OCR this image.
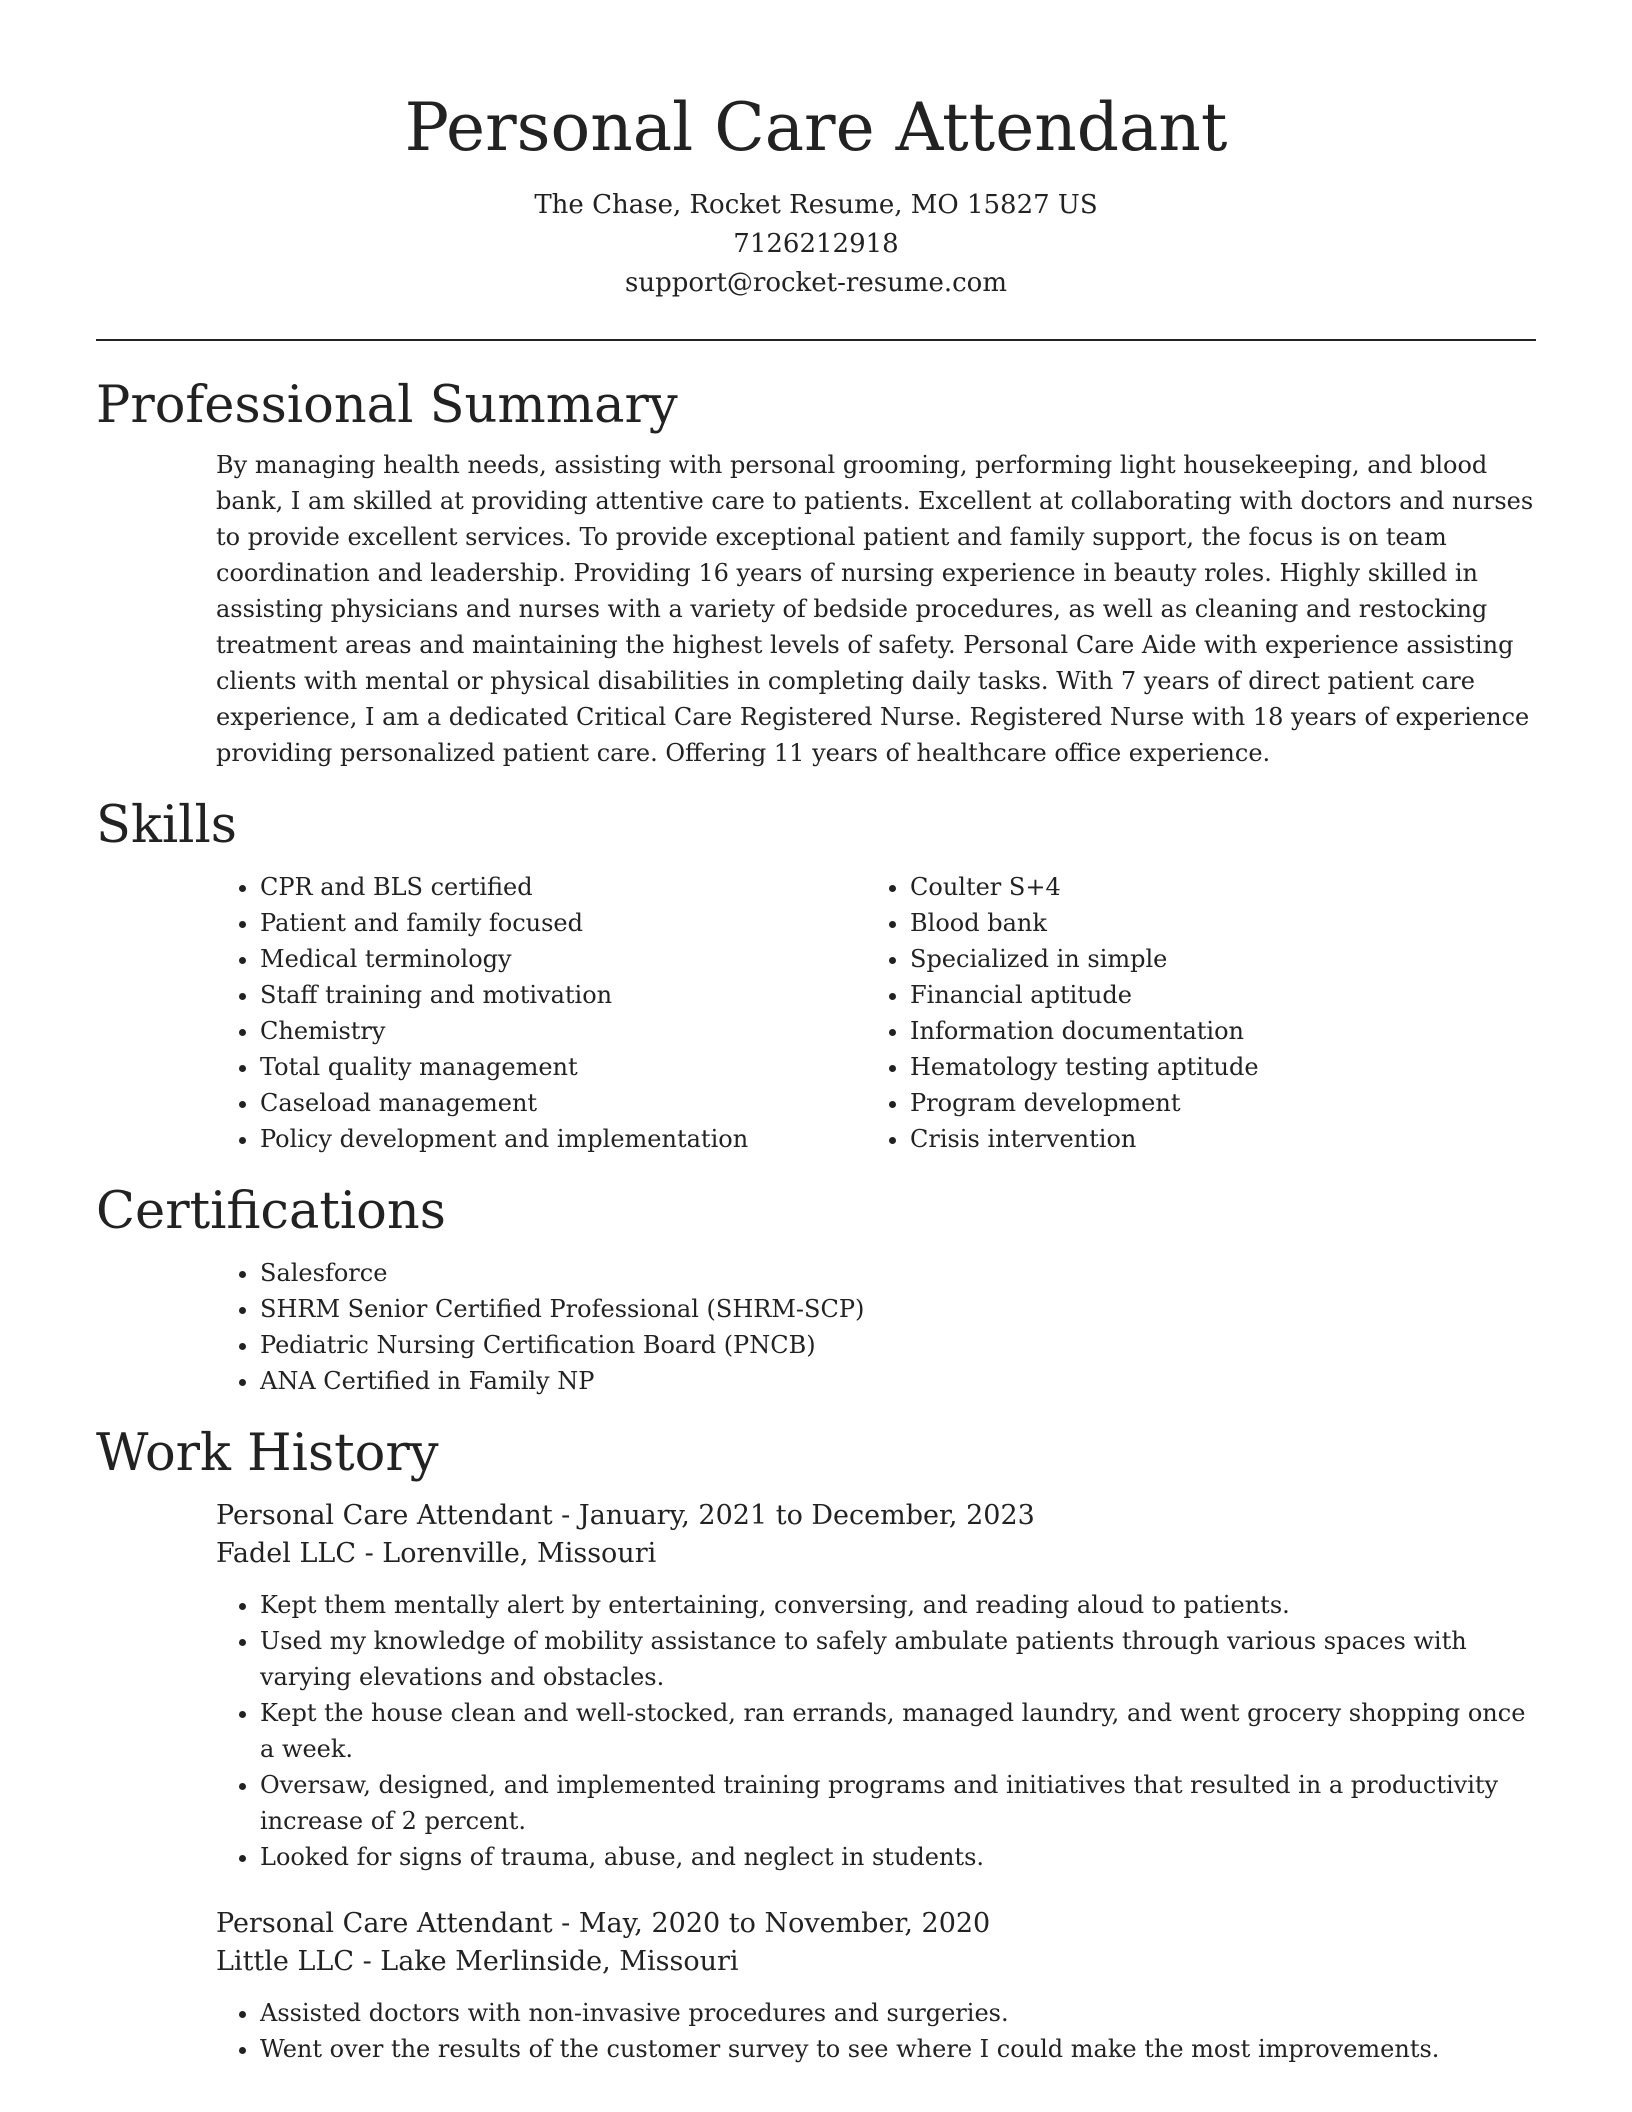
Personal Care Attendant
The Chase, Rocket Resume, MO 15827 US
7126212918
support@rocket-resume.com
Professional Summary

By managing health needs, assisting with personal grooming, performing light housekeeping, and blood bank, I am skilled at providing attentive care to patients. Excellent at collaborating with doctors and nurses to provide excellent services. To provide exceptional patient and family support, the focus is on team coordination and leadership. Providing 16 years of nursing experience in beauty roles. Highly skilled in assisting physicians and nurses with a variety of bedside procedures, as well as cleaning and restocking treatment areas and maintaining the highest levels of safety. Personal Care Aide with experience assisting clients with mental or physical disabilities in completing daily tasks. With 7 years of direct patient care experience, I am a dedicated Critical Care Registered Nurse. Registered Nurse with 18 years of experience providing personalized patient care. Offering 11 years of healthcare office experience.

Skills
• CPR and BLS certified
• Patient and family focused
• Medical terminology
• Staff training and motivation
• Chemistry
• Total quality management
• Caseload management
• Policy development and implementation
• Coulter S+4
• Blood bank
• Specialized in simple
• Financial aptitude
• Information documentation
• Hematology testing aptitude
• Program development
• Crisis intervention
Certifications
• Salesforce
• SHRM Senior Certified Professional (SHRM-SCP)
• Pediatric Nursing Certification Board (PNCB)
• ANA Certified in Family NP
Work History
Personal Care Attendant - January, 2021 to December, 2023
Fadel LLC - Lorenville, Missouri
• Kept them mentally alert by entertaining, conversing, and reading aloud to patients.
• Used my knowledge of mobility assistance to safely ambulate patients through various spaces with varying elevations and obstacles.
• Kept the house clean and well-stocked, ran errands, managed laundry, and went grocery shopping once a week.
• Oversaw, designed, and implemented training programs and initiatives that resulted in a productivity increase of 2 percent.
• Looked for signs of trauma, abuse, and neglect in students.
Personal Care Attendant - May, 2020 to November, 2020
Little LLC - Lake Merlinside, Missouri
• Assisted doctors with non-invasive procedures and surgeries.
• Went over the results of the customer survey to see where I could make the most improvements.
